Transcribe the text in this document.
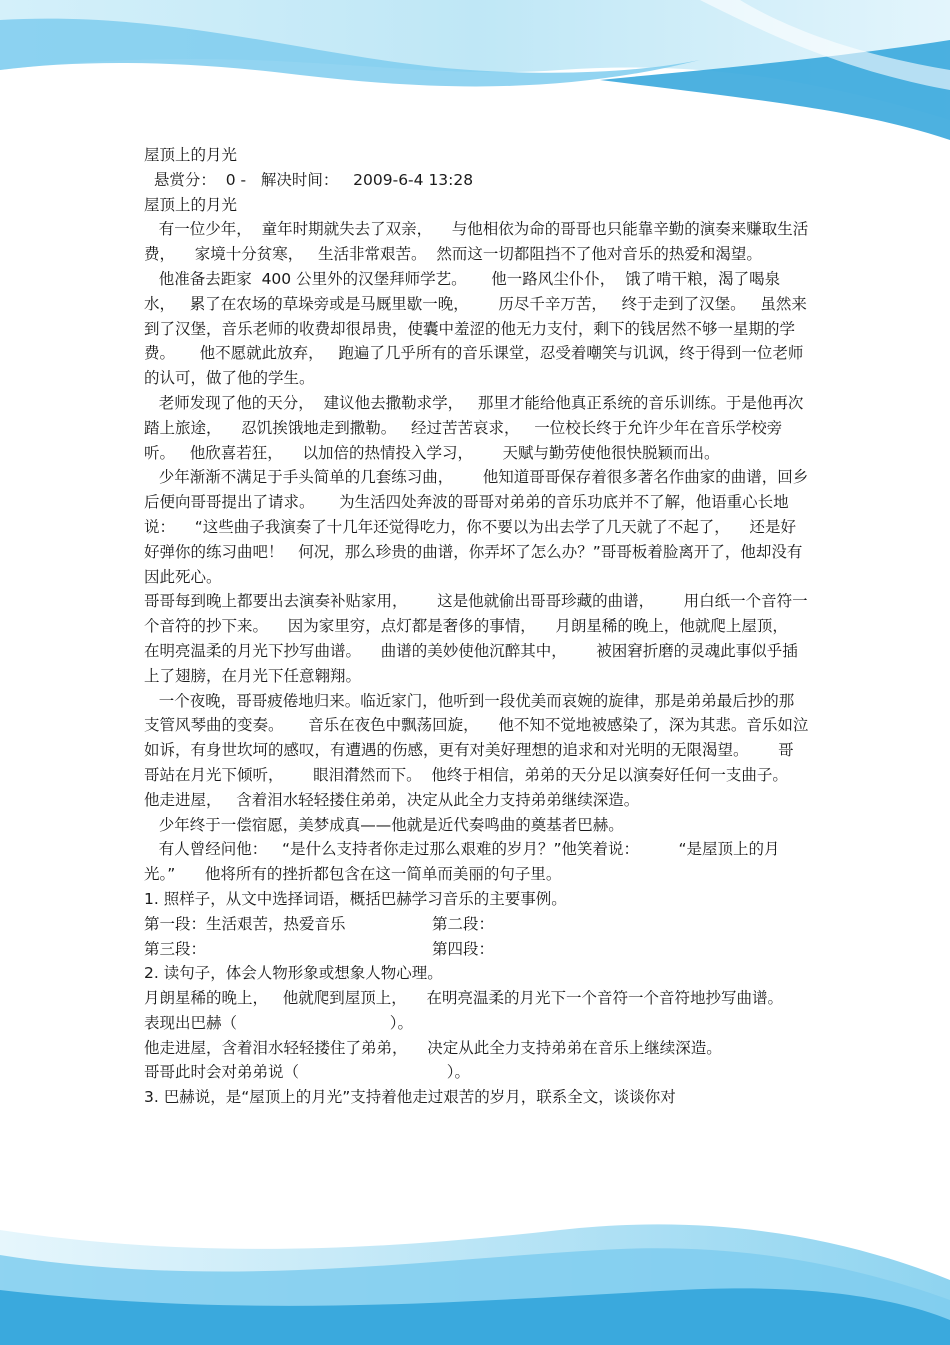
屋顶上的月光

悬赏分：  0 -   解决时间：   2009-6-4 13:28

屋顶上的月光

有一位少年，  童年时期就失去了双亲，    与他相依为命的哥哥也只能靠辛勤的演奏来赚取生活费，    家境十分贫寒，   生活非常艰苦。  然而这一切都阻挡不了他对音乐的热爱和渴望。

他准备去距家  400 公里外的汉堡拜师学艺。     他一路风尘仆仆，  饿了啃干粮，渴了喝泉水，   累了在农场的草垛旁或是马厩里歇一晚，      历尽千辛万苦，   终于走到了汉堡。   虽然来到了汉堡，音乐老师的收费却很昂贵，使囊中羞涩的他无力支付，剩下的钱居然不够一星期的学费。     他不愿就此放弃，   跑遍了几乎所有的音乐课堂，忍受着嘲笑与讥讽，终于得到一位老师的认可，做了他的学生。

老师发现了他的天分，  建议他去撒勒求学，   那里才能给他真正系统的音乐训练。于是他再次踏上旅途，    忍饥挨饿地走到撒勒。   经过苦苦哀求，   一位校长终于允许少年在音乐学校旁听。   他欣喜若狂，    以加倍的热情投入学习，      天赋与勤劳使他很快脱颖而出。

少年渐渐不满足于手头简单的几套练习曲，      他知道哥哥保存着很多著名作曲家的曲谱，回乡后便向哥哥提出了请求。     为生活四处奔波的哥哥对弟弟的音乐功底并不了解，他语重心长地说：    “这些曲子我演奏了十几年还觉得吃力，你不要以为出去学了几天就了不起了，    还是好好弹你的练习曲吧！   何况，那么珍贵的曲谱，你弄坏了怎么办？”哥哥板着脸离开了，他却没有因此死心。

哥哥每到晚上都要出去演奏补贴家用，      这是他就偷出哥哥珍藏的曲谱，      用白纸一个音符一个音符的抄下来。    因为家里穷，点灯都是奢侈的事情，    月朗星稀的晚上，他就爬上屋顶，    在明亮温柔的月光下抄写曲谱。    曲谱的美妙使他沉醉其中，      被困窘折磨的灵魂此事似乎插上了翅膀，在月光下任意翱翔。

一个夜晚，哥哥疲倦地归来。临近家门，他听到一段优美而哀婉的旋律，那是弟弟最后抄的那支管风琴曲的变奏。     音乐在夜色中飘荡回旋，    他不知不觉地被感染了，深为其悲。音乐如泣如诉，有身世坎坷的感叹，有遭遇的伤感，更有对美好理想的追求和对光明的无限渴望。      哥哥站在月光下倾听，      眼泪潸然而下。  他终于相信，弟弟的天分足以演奏好任何一支曲子。      他走进屋，   含着泪水轻轻搂住弟弟，决定从此全力支持弟弟继续深造。

少年终于一偿宿愿，美梦成真——他就是近代奏鸣曲的奠基者巴赫。

有人曾经问他：   “是什么支持者你走过那么艰难的岁月？”他笑着说：        “是屋顶上的月光。”      他将所有的挫折都包含在这一简单而美丽的句子里。

1. 照样子，从文中选择词语，概括巴赫学习音乐的主要事例。

第一段：生活艰苦，热爱音乐	第二段：
第三段：	第四段：

2. 读句子，体会人物形象或想象人物心理。

月朗星稀的晚上，   他就爬到屋顶上，    在明亮温柔的月光下一个音符一个音符地抄写曲谱。

表现出巴赫（                               ）。

他走进屋，含着泪水轻轻搂住了弟弟，    决定从此全力支持弟弟在音乐上继续深造。

哥哥此时会对弟弟说（                              ）。

3. 巴赫说，是“屋顶上的月光”支持着他走过艰苦的岁月，联系全文，谈谈你对
